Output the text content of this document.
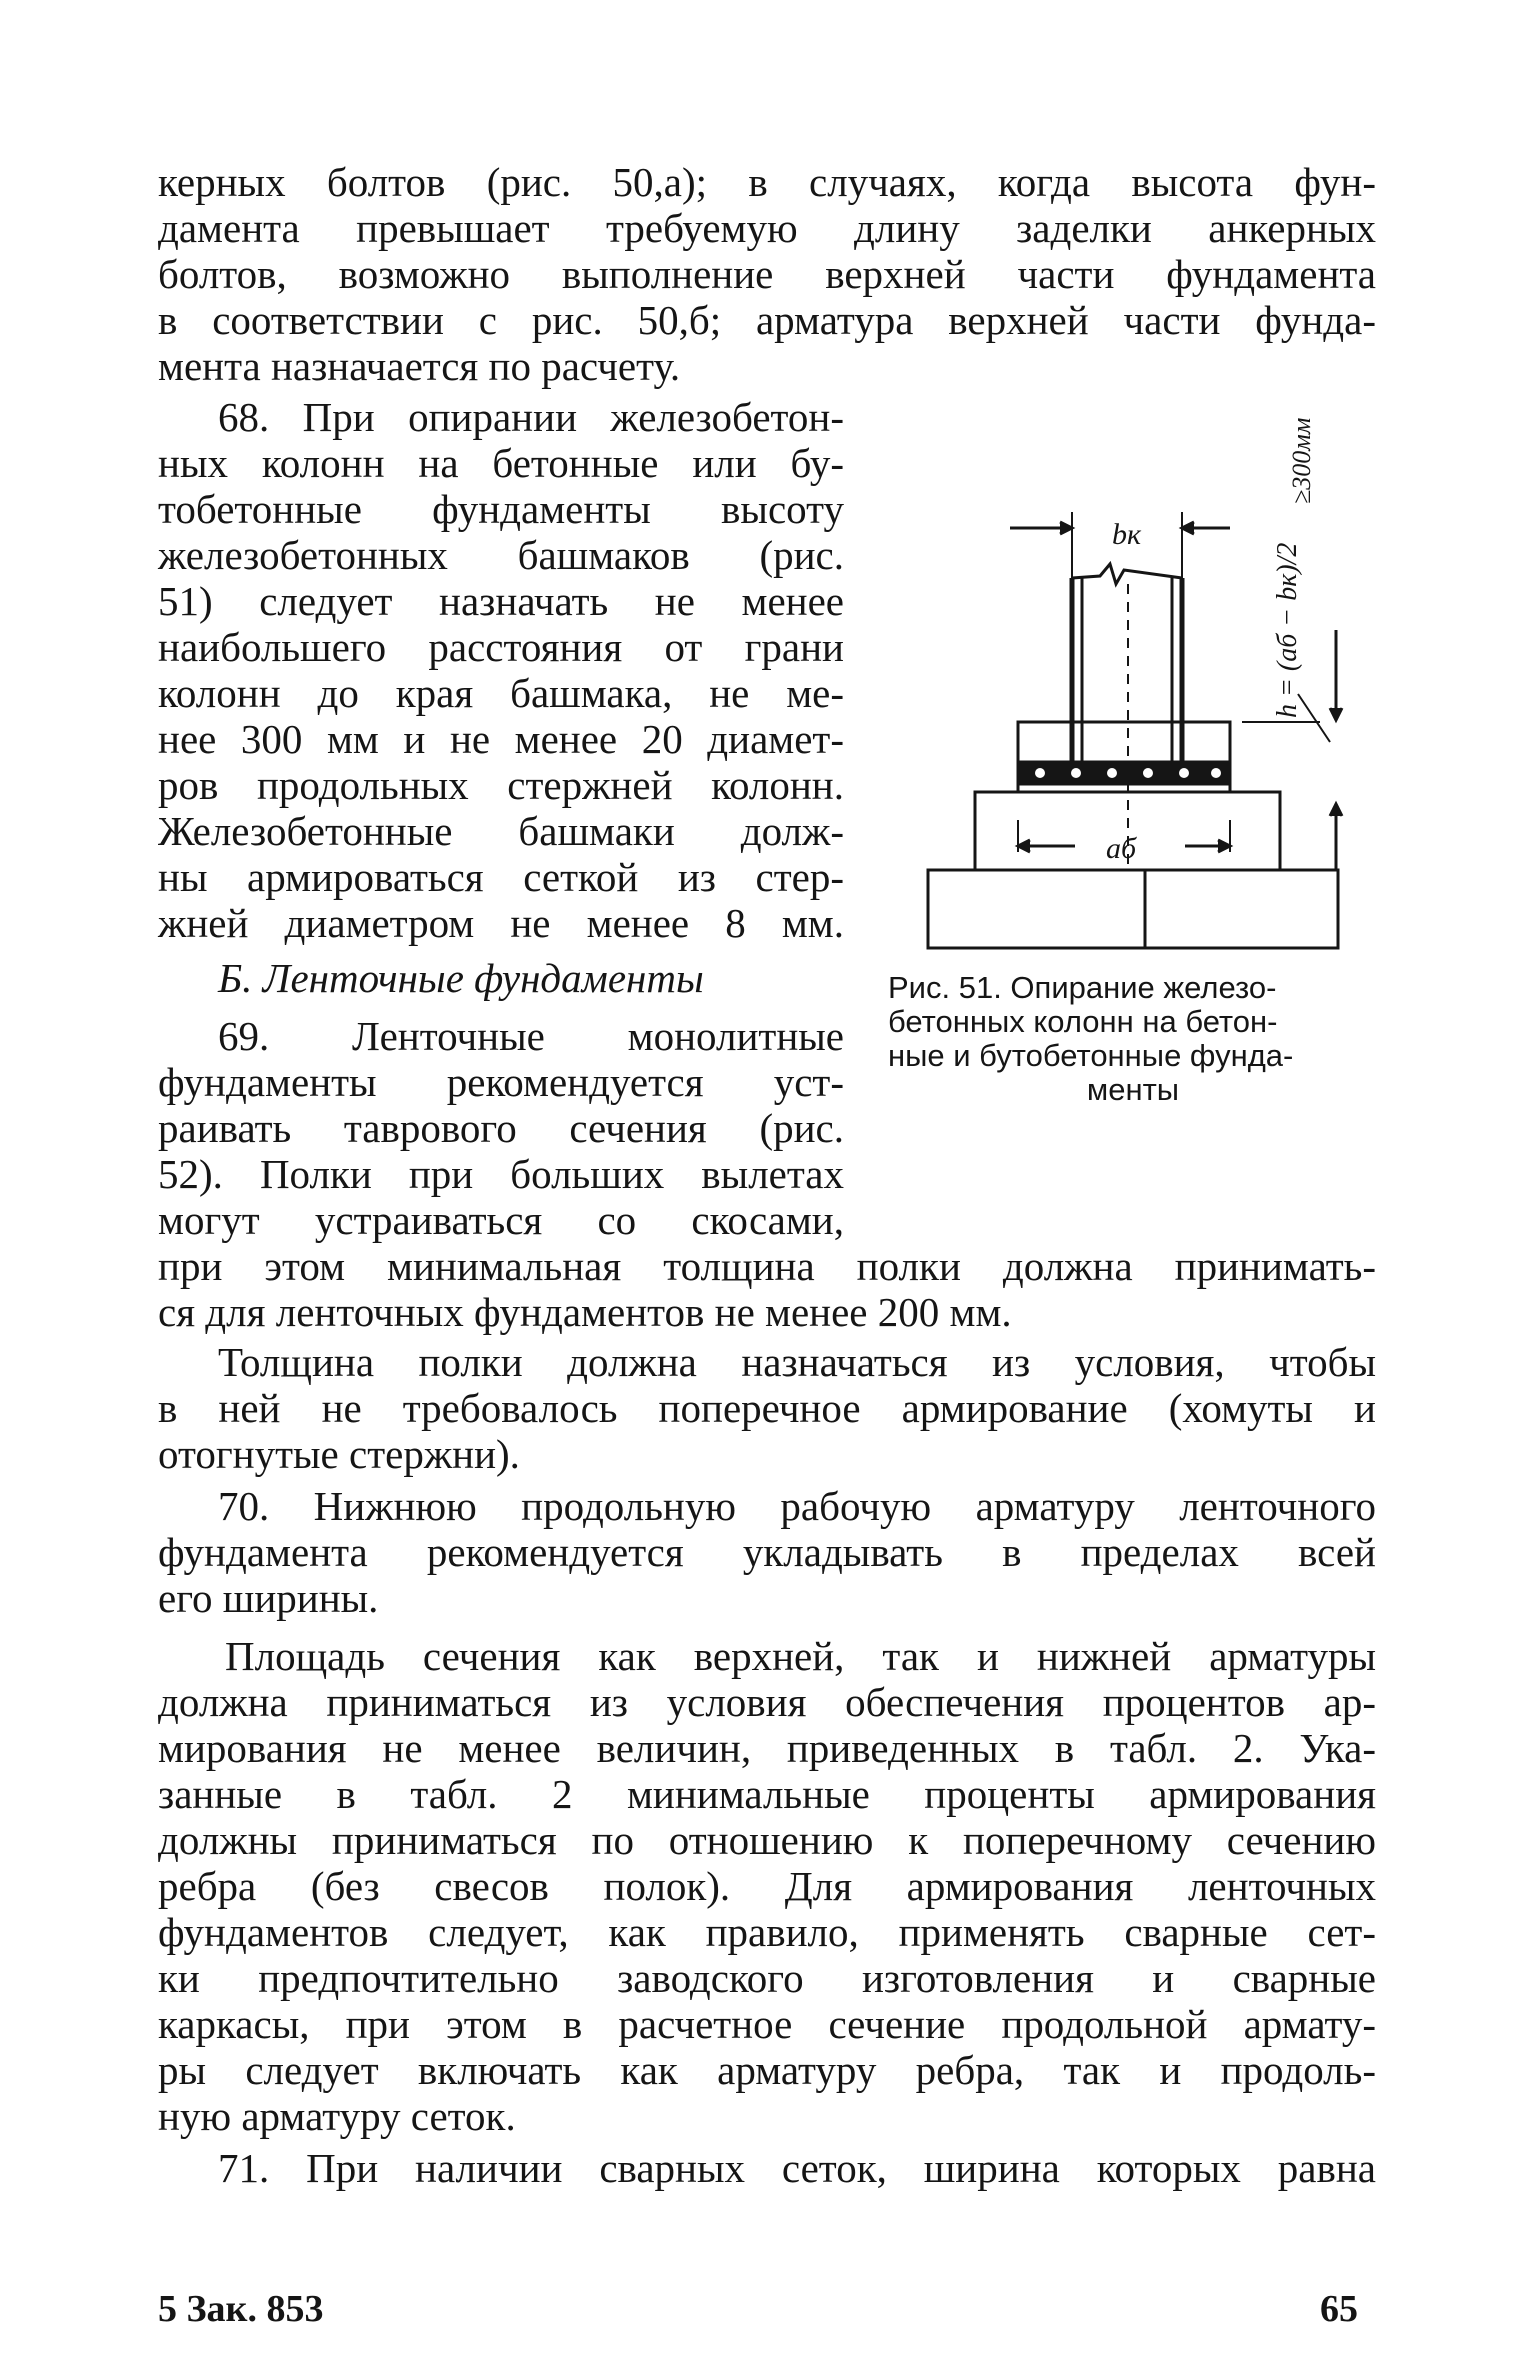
керных болтов (рис. 50,а); в случаях, когда высота фун-
дамента превышает требуемую длину заделки анкерных
болтов, возможно выполнение верхней части фундамента
в соответствии с рис. 50,б; арматура верхней части фунда-
мента назначается по расчету.
68. При опирании железобетон-
ных колонн на бетонные или бу-
тобетонные фундаменты высоту
железобетонных башмаков (рис.
51) следует назначать не менее
наибольшего расстояния от грани
колонн до края башмака, не ме-
нее 300 мм и не менее 20 диамет-
ров продольных стержней колонн.
Железобетонные башмаки долж-
ны армироваться сеткой из стер-
жней диаметром не менее 8 мм.
Б. Ленточные фундаменты
69. Ленточные монолитные
фундаменты рекомендуется уст-
раивать таврового сечения (рис.
52). Полки при больших вылетах
могут устраиваться со скосами,
при этом минимальная толщина полки должна принимать-
ся для ленточных фундаментов не менее 200 мм.
Толщина полки должна назначаться из условия, чтобы
в ней не требовалось поперечное армирование (хомуты и
отогнутые стержни).
70. Нижнюю продольную рабочую арматуру ленточного
фундамента рекомендуется укладывать в пределах всей
его ширины.
Площадь сечения как верхней, так и нижней арматуры
должна приниматься из условия обеспечения процентов ар-
мирования не менее величин, приведенных в табл. 2. Ука-
занные в табл. 2 минимальные проценты армирования
должны приниматься по отношению к поперечному сечению
ребра (без свесов полок). Для армирования ленточных
фундаментов следует, как правило, применять сварные сет-
ки предпочтительно заводского изготовления и сварные
каркасы, при этом в расчетное сечение продольной армату-
ры следует включать как арматуру ребра, так и продоль-
ную арматуру сеток.
71. При наличии сварных сеток, ширина которых равна
bк
aб
h = (aб − bк)/2
≥300мм
Рис. 51. Опирание железо-
бетонных колонн на бетон-
ные и бутобетонные фунда-
менты
5 Зак. 853	65
